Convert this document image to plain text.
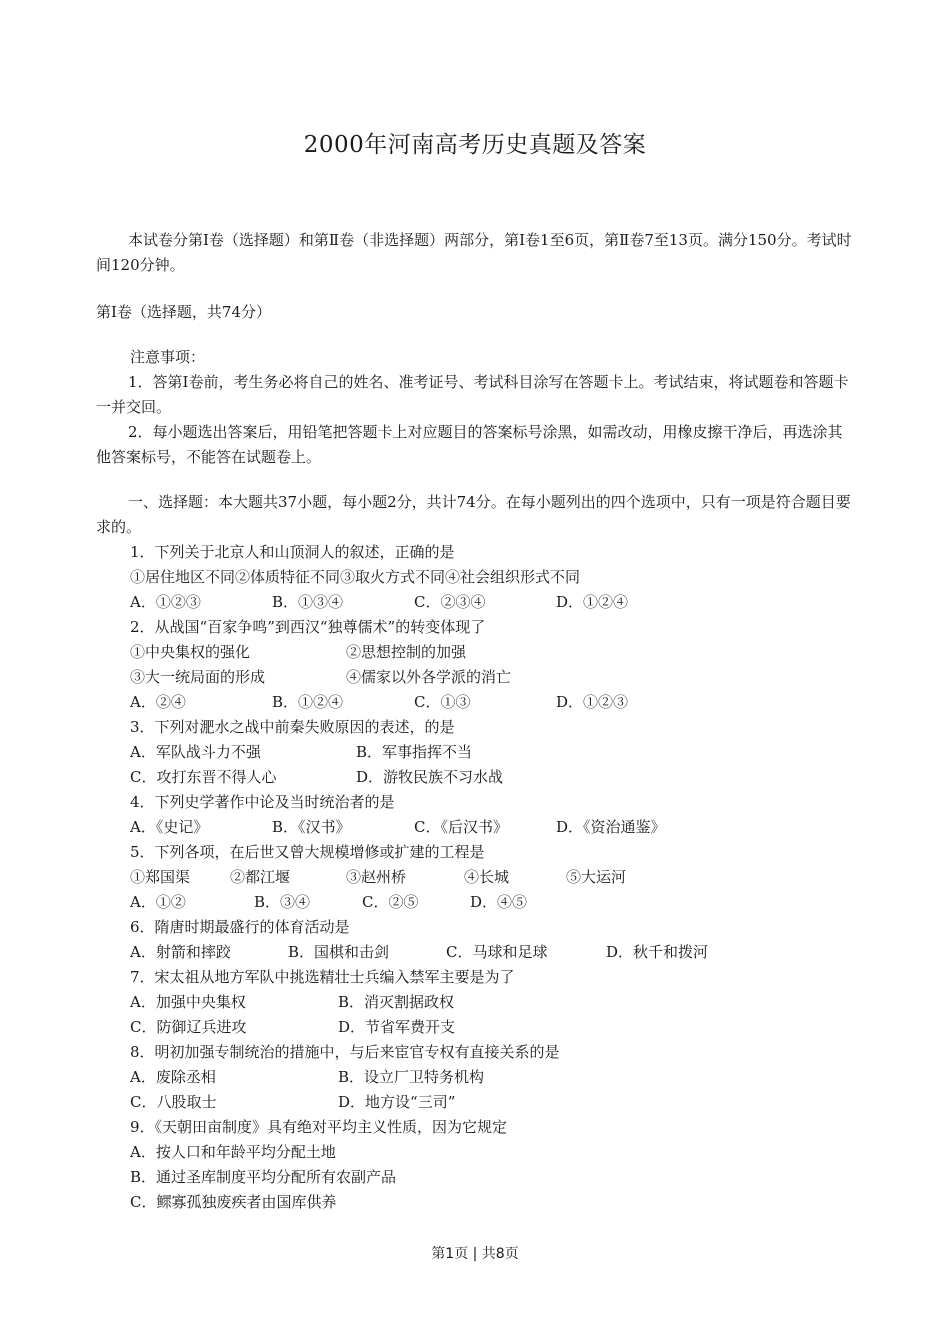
2000年河南高考历史真题及答案

本试卷分第Ⅰ卷（选择题）和第Ⅱ卷（非选择题）两部分，第Ⅰ卷1至6页，第Ⅱ卷7至13页。满分150分。考试时间120分钟。

第Ⅰ卷（选择题，共74分）
注意事项：

1．答第Ⅰ卷前，考生务必将自己的姓名、准考证号、考试科目涂写在答题卡上。考试结束，将试题卷和答题卡一并交回。

2．每小题选出答案后，用铅笔把答题卡上对应题目的答案标号涂黑，如需改动，用橡皮擦干净后，再选涂其他答案标号，不能答在试题卷上。

一、选择题：本大题共37小题，每小题2分，共计74分。在每小题列出的四个选项中，只有一项是符合题目要求的。

1．下列关于北京人和山顶洞人的叙述，正确的是
①居住地区不同②体质特征不同③取火方式不同④社会组织形式不同
A．①②③	B．①③④	C．②③④	D．①②④
2．从战国“百家争鸣”到西汉“独尊儒术”的转变体现了
①中央集权的强化	②思想控制的加强
③大一统局面的形成	④儒家以外各学派的消亡
A．②④	B．①②④	C．①③	D．①②③
3．下列对淝水之战中前秦失败原因的表述，的是
A．军队战斗力不强	B．军事指挥不当
C．攻打东晋不得人心	D．游牧民族不习水战
4．下列史学著作中论及当时统治者的是
A．《史记》	B．《汉书》	C．《后汉书》	D．《资治通鉴》
5．下列各项，在后世又曾大规模增修或扩建的工程是
①郑国渠	②都江堰	③赵州桥	④长城	⑤大运河
A．①②	B．③④	C．②⑤	D．④⑤
6．隋唐时期最盛行的体育活动是
A．射箭和摔跤	B．国棋和击剑	C．马球和足球	D．秋千和拨河
7．宋太祖从地方军队中挑选精壮士兵编入禁军主要是为了
A．加强中央集权	B．消灭割据政权
C．防御辽兵进攻	D．节省军费开支
8．明初加强专制统治的措施中，与后来宦官专权有直接关系的是
A．废除丞相	B．设立厂卫特务机构
C．八股取士	D．地方设“三司”
9．《天朝田亩制度》具有绝对平均主义性质，因为它规定
A．按人口和年龄平均分配土地
B．通过圣库制度平均分配所有农副产品
C．鳏寡孤独废疾者由国库供养
第1页 | 共8页
